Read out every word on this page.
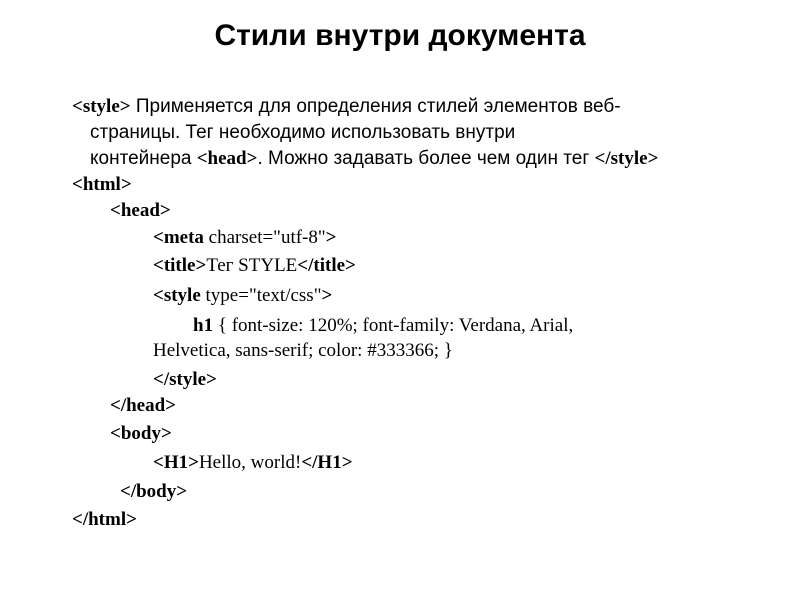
Стили внутри документа
<style> Применяется для определения стилей элементов веб-
страницы. Тег необходимо использовать внутри
контейнера <head>. Можно задавать более чем один тег </style>
<html>
<head>
<meta charset="utf-8">
<title>Тег STYLE</title>
<style type="text/css">
h1 { font-size: 120%; font-family: Verdana, Arial,
Helvetica, sans-serif; color: #333366; }
</style>
</head>
<body>
<H1>Hello, world!</H1>
</body>
</html>
